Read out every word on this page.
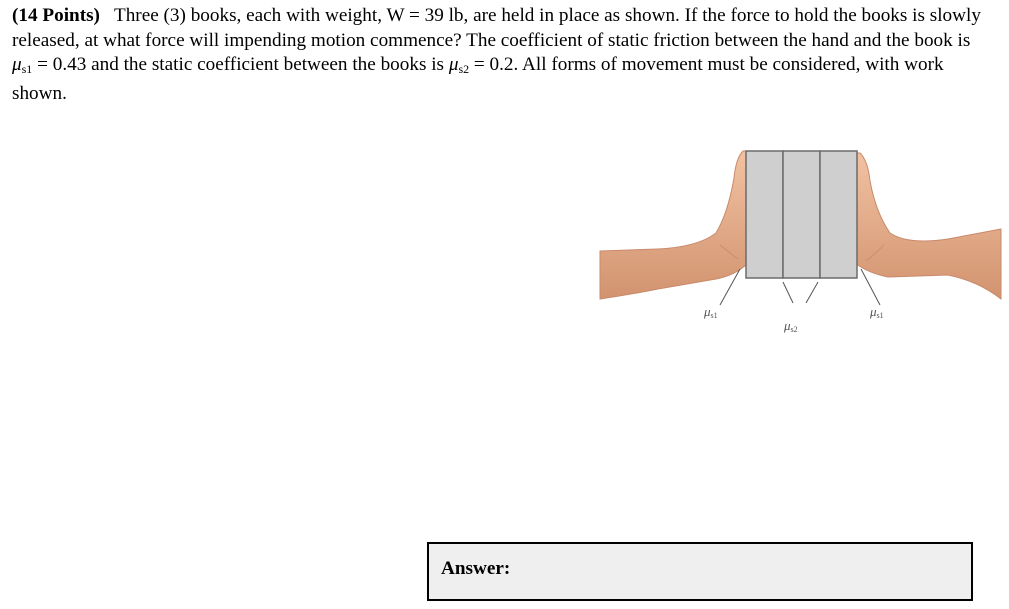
(14 Points) Three (3) books, each with weight, W = 39 lb, are held in place as shown. If the force to hold the books is slowly released, at what force will impending motion commence? The coefficient of static friction between the hand and the book is $\mu_{s1} = 0.43$ and the static coefficient between the books is $\mu_{s2} = 0.2$. All forms of movement must be considered, with work shown.
μs1
μs2
μs1
Answer:
